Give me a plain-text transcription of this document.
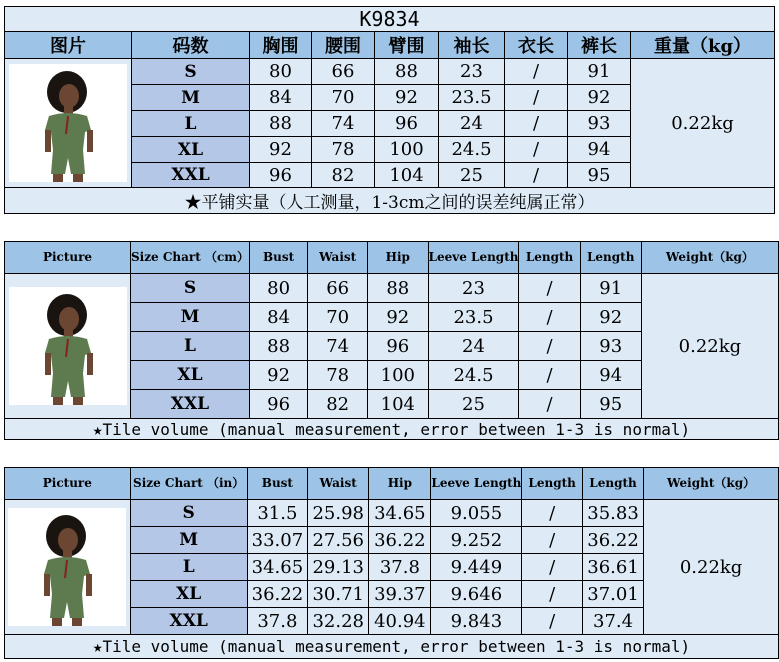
K9834								
图片	码数	胸围	腰围	臂围	袖长	衣长	裤长	重量（kg）

	S	80	66	88	23	/	91	0.22kg
	M	84	70	92	23.5	/	92	
	L	88	74	96	24	/	93	
	XL	92	78	100	24.5	/	94	
	XXL	96	82	104	25	/	95	
★平铺实量（人工测量，1-3cm之间的误差纯属正常）								
Picture	Size Chart （cm）	Bust	Waist	Hip	Leeve Length	Length	Length	Weight（kg）

	S	80	66	88	23	/	91	0.22kg
	M	84	70	92	23.5	/	92	
	L	88	74	96	24	/	93	
	XL	92	78	100	24.5	/	94	
	XXL	96	82	104	25	/	95	
★Tile volume (manual measurement, error between 1-3 is normal)								
Picture	Size Chart （in）	Bust	Waist	Hip	Leeve Length	Length	Length	Weight（kg）

	S	31.5	25.98	34.65	9.055	/	35.83	0.22kg
	M	33.07	27.56	36.22	9.252	/	36.22	
	L	34.65	29.13	37.8	9.449	/	36.61	
	XL	36.22	30.71	39.37	9.646	/	37.01	
	XXL	37.8	32.28	40.94	9.843	/	37.4	
★Tile volume (manual measurement, error between 1-3 is normal)								
